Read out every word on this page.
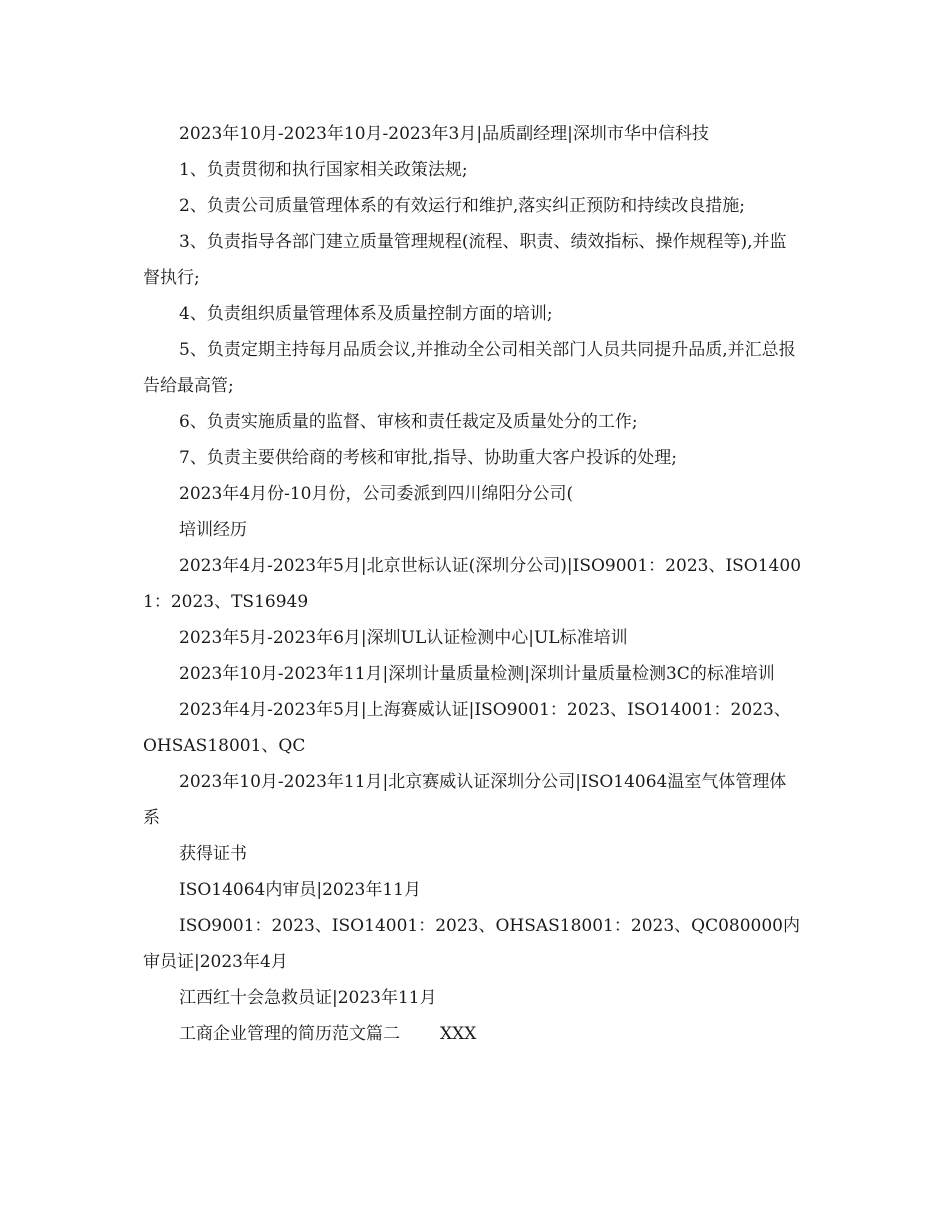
2023年10月-2023年10月-2023年3月|品质副经理|深圳市华中信科技

1、负责贯彻和执行国家相关政策法规;

2、负责公司质量管理体系的有效运行和维护,落实纠正预防和持续改良措施;

3、负责指导各部门建立质量管理规程(流程、职责、绩效指标、操作规程等),并监督执行;

4、负责组织质量管理体系及质量控制方面的培训;

5、负责定期主持每月品质会议,并推动全公司相关部门人员共同提升品质,并汇总报告给最高管;

6、负责实施质量的监督、审核和责任裁定及质量处分的工作;

7、负责主要供给商的考核和审批,指导、协助重大客户投诉的处理;

2023年4月份-10月份，公司委派到四川绵阳分公司(

培训经历

2023年4月-2023年5月|北京世标认证(深圳分公司)|ISO9001：2023、ISO14001：2023、TS16949

2023年5月-2023年6月|深圳UL认证检测中心|UL标准培训

2023年10月-2023年11月|深圳计量质量检测|深圳计量质量检测3C的标准培训

2023年4月-2023年5月|上海赛威认证|ISO9001：2023、ISO14001：2023、OHSAS18001、QC

2023年10月-2023年11月|北京赛威认证深圳分公司|ISO14064温室气体管理体系

获得证书

ISO14064内审员|2023年11月

ISO9001：2023、ISO14001：2023、OHSAS18001：2023、QC080000内审员证|2023年4月

江西红十会急救员证|2023年11月

工商企业管理的简历范文篇二 XXX
